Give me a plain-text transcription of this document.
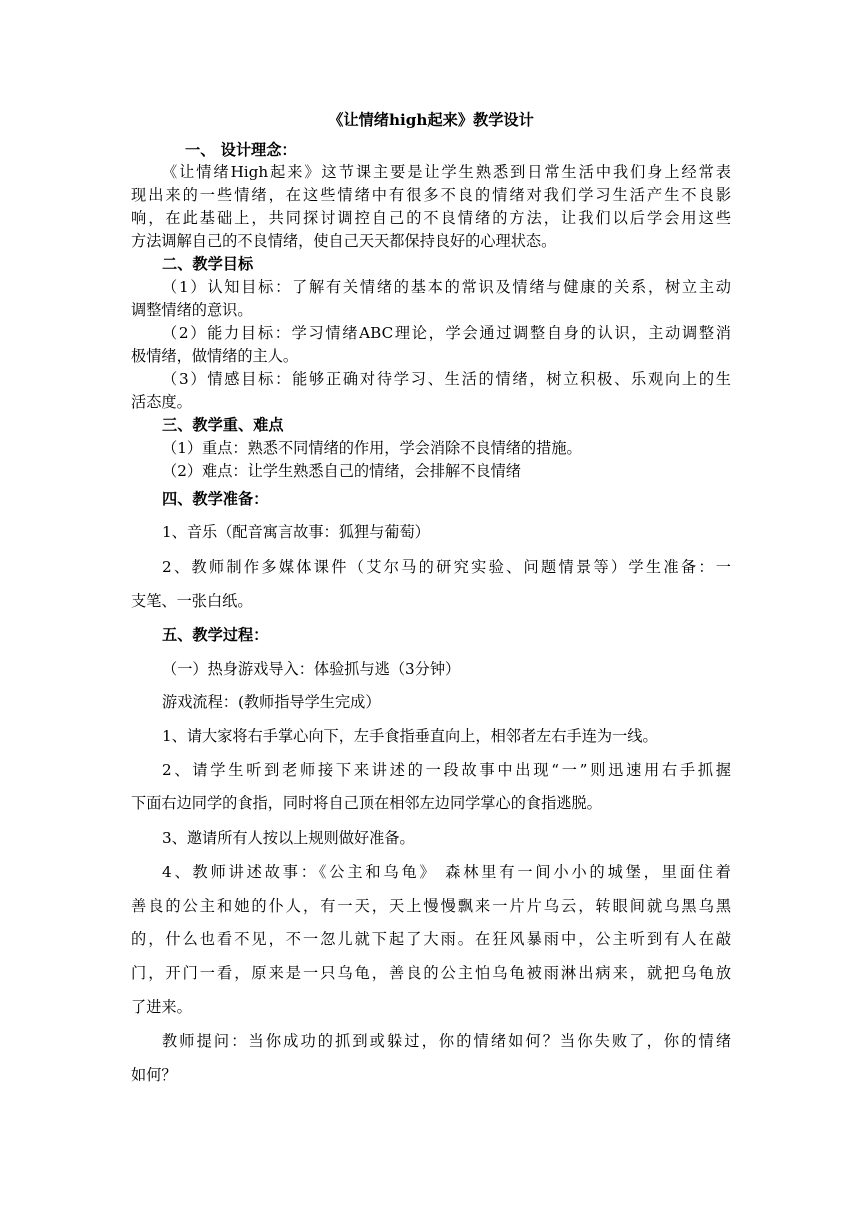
《让情绪high起来》教学设计

一、 设计理念：

《让情绪High起来》这节课主要是让学生熟悉到日常生活中我们身上经常表

现出来的一些情绪，在这些情绪中有很多不良的情绪对我们学习生活产生不良影

响，在此基础上，共同探讨调控自己的不良情绪的方法，让我们以后学会用这些

方法调解自己的不良情绪，使自己天天都保持良好的心理状态。

二、教学目标

（1）认知目标：了解有关情绪的基本的常识及情绪与健康的关系，树立主动

调整情绪的意识。

（2）能力目标：学习情绪ABC理论，学会通过调整自身的认识，主动调整消

极情绪，做情绪的主人。

（3）情感目标：能够正确对待学习、生活的情绪，树立积极、乐观向上的生

活态度。

三、教学重、难点

（1）重点：熟悉不同情绪的作用，学会消除不良情绪的措施。

（2）难点：让学生熟悉自己的情绪，会排解不良情绪

四、教学准备：

1、音乐（配音寓言故事：狐狸与葡萄）

2、教师制作多媒体课件（艾尔马的研究实验、问题情景等）学生准备：一

支笔、一张白纸。

五、教学过程：

（一）热身游戏导入：体验抓与逃（3分钟）

游戏流程：(教师指导学生完成）

1、请大家将右手掌心向下，左手食指垂直向上，相邻者左右手连为一线。

2、请学生听到老师接下来讲述的一段故事中出现“一”则迅速用右手抓握

下面右边同学的食指，同时将自己顶在相邻左边同学掌心的食指逃脱。

3、邀请所有人按以上规则做好准备。

4、教师讲述故事：《公主和乌龟》 森林里有一间小小的城堡，里面住着

善良的公主和她的仆人，有一天，天上慢慢飘来一片片乌云，转眼间就乌黑乌黑

的，什么也看不见，不一忽儿就下起了大雨。在狂风暴雨中，公主听到有人在敲

门，开门一看，原来是一只乌龟，善良的公主怕乌龟被雨淋出病来，就把乌龟放

了进来。

教师提问：当你成功的抓到或躲过，你的情绪如何？当你失败了，你的情绪

如何？
